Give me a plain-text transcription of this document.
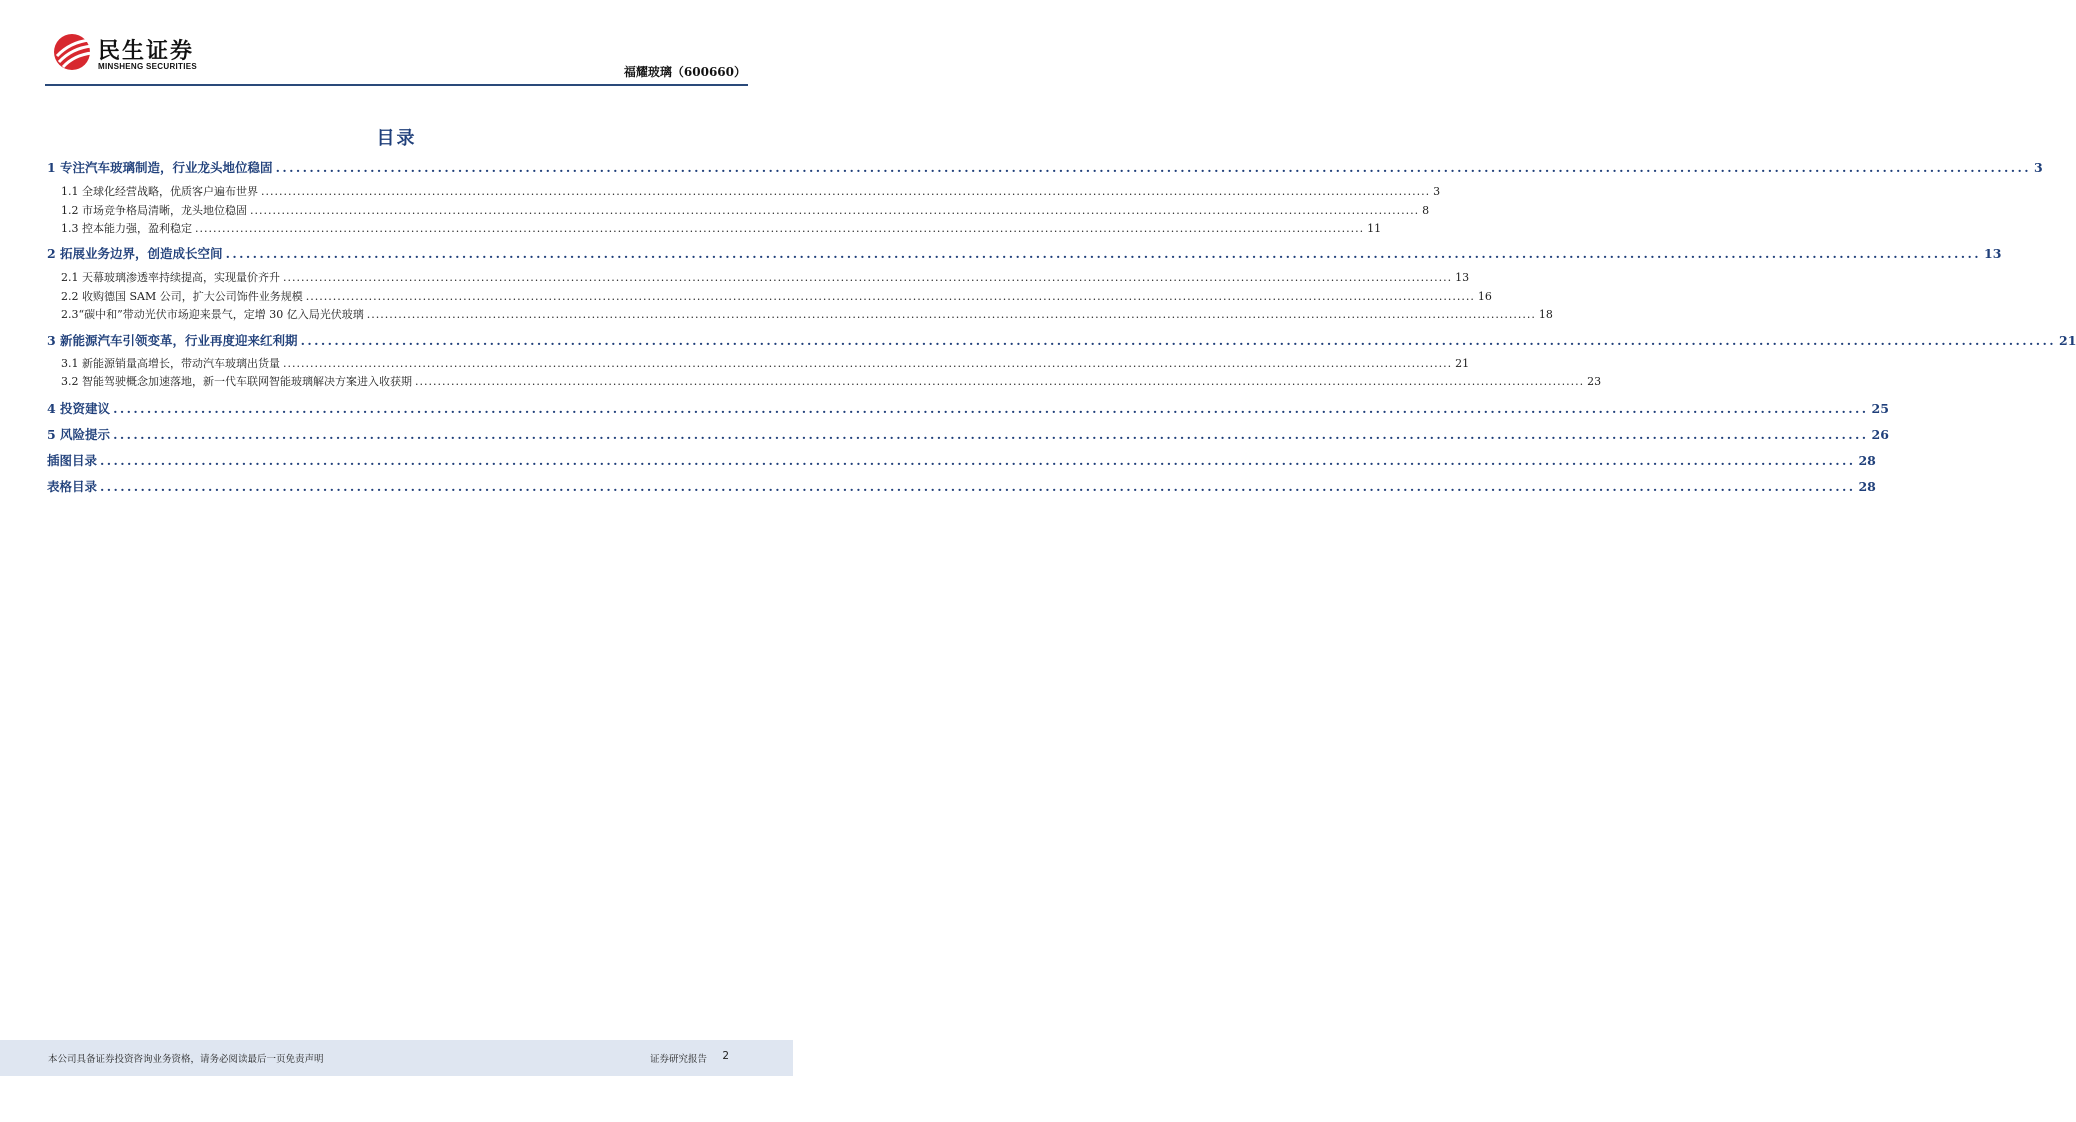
民生证券
MINSHENG SECURITIES	福耀玻璃（600660）
目录
1 专注汽车玻璃制造，行业龙头地位稳固 .................................................................................................................................................................................................................................................................... 3
1.1 全球化经营战略，优质客户遍布世界 .................................................................................................................................................................................................................................................................... 3
1.2 市场竞争格局清晰，龙头地位稳固 .................................................................................................................................................................................................................................................................... 8
1.3 控本能力强，盈利稳定 .................................................................................................................................................................................................................................................................... 11
2 拓展业务边界，创造成长空间 .................................................................................................................................................................................................................................................................... 13
2.1 天幕玻璃渗透率持续提高，实现量价齐升 .................................................................................................................................................................................................................................................................... 13
2.2 收购德国 SAM 公司，扩大公司饰件业务规模 .................................................................................................................................................................................................................................................................... 16
2.3“碳中和”带动光伏市场迎来景气，定增 30 亿入局光伏玻璃 .................................................................................................................................................................................................................................................................... 18
3 新能源汽车引领变革，行业再度迎来红利期 .................................................................................................................................................................................................................................................................... 21
3.1 新能源销量高增长，带动汽车玻璃出货量 .................................................................................................................................................................................................................................................................... 21
3.2 智能驾驶概念加速落地，新一代车联网智能玻璃解决方案进入收获期 .................................................................................................................................................................................................................................................................... 23
4 投资建议 .................................................................................................................................................................................................................................................................... 25
5 风险提示 .................................................................................................................................................................................................................................................................... 26
插图目录 .................................................................................................................................................................................................................................................................... 28
表格目录 .................................................................................................................................................................................................................................................................... 28
本公司具备证券投资咨询业务资格，请务必阅读最后一页免责声明	证券研究报告 2
